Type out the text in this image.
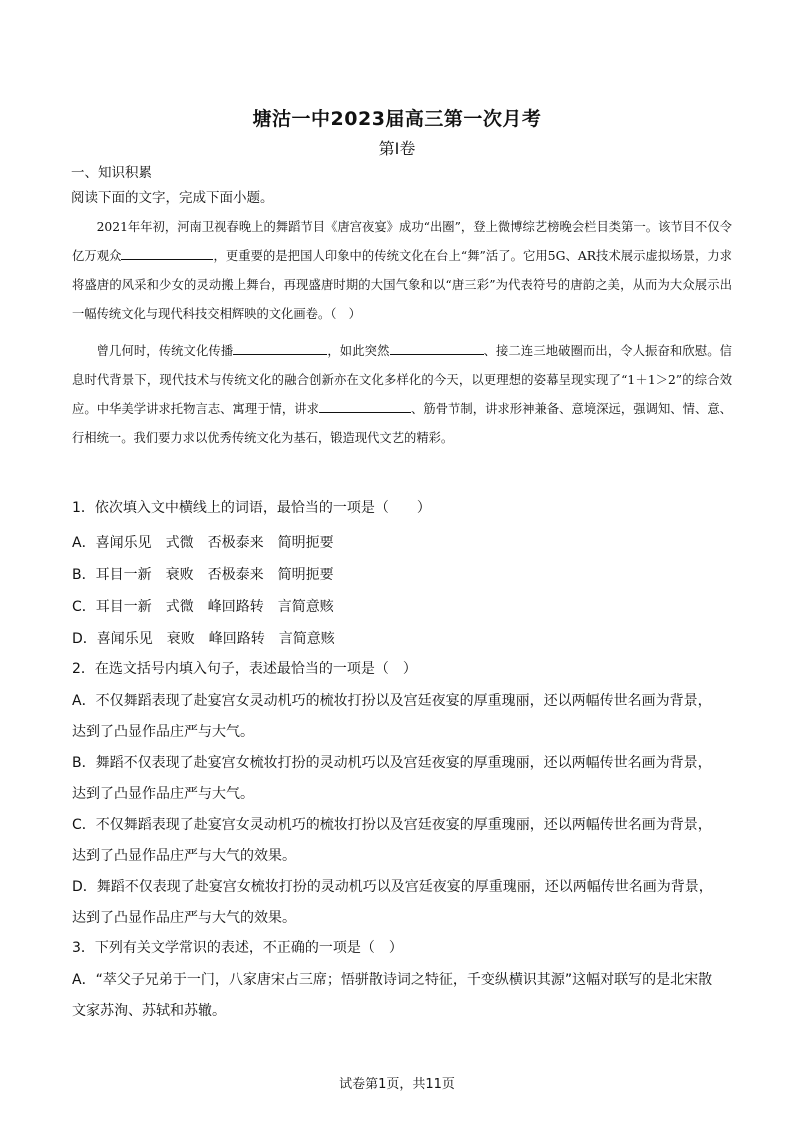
塘沽一中2023届高三第一次月考
第Ⅰ卷
一、知识积累
阅读下面的文字，完成下面小题。

2021年年初，河南卫视春晚上的舞蹈节目《唐宫夜宴》成功“出圈”，登上微博综艺榜晚会栏目类第一。该节目不仅令亿万观众	，更重要的是把国人印象中的传统文化在台上“舞”活了。它用5G、AR技术展示虚拟场景，力求将盛唐的风采和少女的灵动搬上舞台，再现盛唐时期的大国气象和以“唐三彩”为代表符号的唐韵之美，从而为大众展示出一幅传统文化与现代科技交相辉映的文化画卷。（　）

曾几何时，传统文化传播	，如此突然	、接二连三地破圈而出，令人振奋和欣慰。信息时代背景下，现代技术与传统文化的融合创新亦在文化多样化的今天，以更理想的姿幕呈现实现了“1＋1＞2”的综合效应。中华美学讲求托物言志、寓理于情，讲求	、筋骨节制，讲求形神兼备、意境深远，强调知、情、意、行相统一。我们要力求以优秀传统文化为基石，锻造现代文艺的精彩。

1．依次填入文中横线上的词语，最恰当的一项是（　　）
A．喜闻乐见 式微 否极泰来 简明扼要
B．耳目一新 衰败 否极泰来 简明扼要
C．耳目一新 式微 峰回路转 言简意赅
D．喜闻乐见 衰败 峰回路转 言简意赅
2．在选文括号内填入句子，表述最恰当的一项是（　）
A．不仅舞蹈表现了赴宴宫女灵动机巧的梳妆打扮以及宫廷夜宴的厚重瑰丽，还以两幅传世名画为背景，达到了凸显作品庄严与大气。
B．舞蹈不仅表现了赴宴宫女梳妆打扮的灵动机巧以及宫廷夜宴的厚重瑰丽，还以两幅传世名画为背景，达到了凸显作品庄严与大气。
C．不仅舞蹈表现了赴宴宫女灵动机巧的梳妆打扮以及宫廷夜宴的厚重瑰丽，还以两幅传世名画为背景，达到了凸显作品庄严与大气的效果。
D．舞蹈不仅表现了赴宴宫女梳妆打扮的灵动机巧以及宫廷夜宴的厚重瑰丽，还以两幅传世名画为背景，达到了凸显作品庄严与大气的效果。
3．下列有关文学常识的表述，不正确的一项是（　）
A．“萃父子兄弟于一门，八家唐宋占三席；悟骈散诗词之特征，千变纵横识其源”这幅对联写的是北宋散文家苏洵、苏轼和苏辙。
试卷第1页，共11页
